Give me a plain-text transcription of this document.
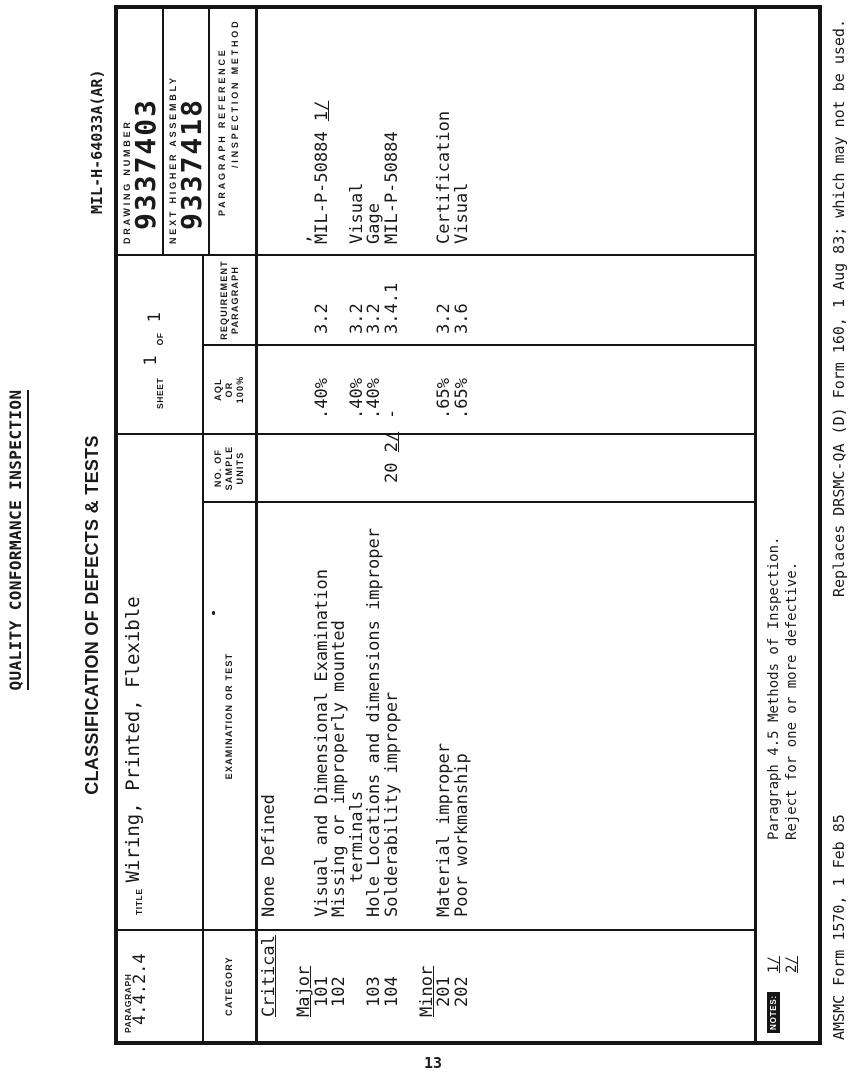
QUALITY CONFORMANCE INSPECTION	CLASSIFICATION OF DEFECTS & TESTS
MIL-H-64033A(AR)
PARAGRAPH
4.4.2.4
TITLE Wiring, Printed, Flexible
SHEET1OF1
DRAWING NUMBER
9337403 NEXT HIGHER ASSEMBLY
9337418 PARAGRAPH REFERENCE /INSPECTION METHOD
CATEGORY
EXAMINATION OR TEST
NO. OF SAMPLE UNITS
AQL OR 100%
REQUIREMENT PARAGRAPH
Critical Major
101
102 103
104 Minor
201
202
None Defined Visual and Dimensional Examination
Missing or improperly mounted
terminals
Hole Locations and dimensions improper
Solderability improper Material improper
Poor workmanship
20 2/
.40% .40%
.40%
- .65%
.65%
3.2 3.2
3.2
3.4.1 3.2
3.6
,
MIL-P-50884 1/
Visual
Gage
MIL-P-50884 Certification
Visual
NOTES:
1/
Paragraph 4.5 Methods of Inspection.
2/
Reject for one or more defective.
AMSMC Form 1570, 1 Feb 85
Replaces DRSMC-QA (D) Form 160, 1 Aug 83; which may not be used.
13
